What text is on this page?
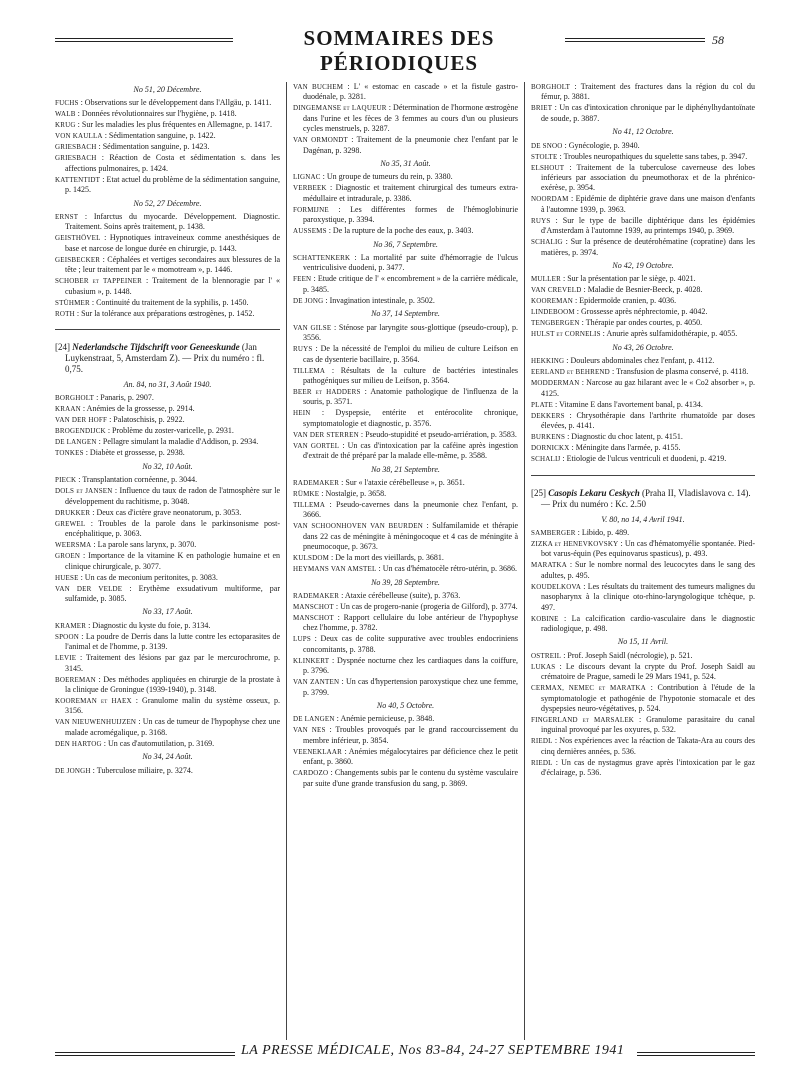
SOMMAIRES DES PÉRIODIQUES
58
No 51, 20 Décembre.
FUCHS : Observations sur le développement dans l'Allgäu, p. 1411.
WALB : Données révolutionnaires sur l'hygiène, p. 1418.
KRUG : Sur les maladies les plus fréquentes en Allemagne, p. 1417.
VON KAULLA : Sédimentation sanguine, p. 1422.
GRIESBACH : Sédimentation sanguine, p. 1423.
GRIESBACH : Réaction de Costa et sédimentation s. dans les affections pulmonaires, p. 1424.
KATTENTIDT : Etat actuel du problème de la sédimentation sanguine, p. 1425.
No 52, 27 Décembre.
ERNST : Infarctus du myocarde. Développement. Diagnostic. Traitement. Soins après traitement, p. 1438.
GEISTHÖVEL : Hypnotiques intraveineux comme anesthésiques de base et narcose de longue durée en chirurgie, p. 1443.
GEISBECKER : Céphalées et vertiges secondaires aux blessures de la tête ; leur traitement par le « momotream », p. 1446.
SCHOBER et TAPPEINER : Traitement de la blennoragie par l' « cubasium », p. 1448.
STÜHMER : Continuité du traitement de la syphilis, p. 1450.
ROTH : Sur la tolérance aux préparations œstrogènes, p. 1452.
[24] Nederlandsche Tijdschrift voor Geneeskunde (Jan Luykenstraat, 5, Amsterdam Z). — Prix du numéro : fl. 0,75.
An. 84, no 31, 3 Août 1940.
BORGHOLT : Panaris, p. 2907.
KRAAN : Anémies de la grossesse, p. 2914.
VAN DER HOFF : Palatoschisis, p. 2922.
BROGENDIJCK : Problème du zoster-varicelle, p. 2931.
DE LANGEN : Pellagre simulant la maladie d'Addison, p. 2934.
TONKES : Diabète et grossesse, p. 2938.
No 32, 10 Août.
PIECK : Transplantation cornéenne, p. 3044.
DOLS et JANSEN : Influence du taux de radon de l'atmosphère sur le développement du rachitisme, p. 3048.
DRUKKER : Deux cas d'ictère grave neonatorum, p. 3053.
GREWEL : Troubles de la parole dans le parkinsonisme post-encéphalitique, p. 3063.
WEERSMA : La parole sans larynx, p. 3070.
GROEN : Importance de la vitamine K en pathologie humaine et en clinique chirurgicale, p. 3077.
HUESE : Un cas de meconium peritonites, p. 3083.
VAN DER VELDE : Erythème exsudativum multiforme, par sulfamide, p. 3085.
No 33, 17 Août.
KRAMER : Diagnostic du kyste du foie, p. 3134.
SPOON : La poudre de Derris dans la lutte contre les ectoparasites de l'animal et de l'homme, p. 3139.
LEVIE : Traitement des lésions par gaz par le mercurochrome, p. 3145.
BOEREMAN : Des méthodes appliquées en chirurgie de la prostate à la clinique de Groningue (1939-1940), p. 3148.
KOOREMAN et HAEX : Granulome malin du système osseux, p. 3156.
VAN NIEUWENHUIJZEN : Un cas de tumeur de l'hypophyse chez une malade acromégalique, p. 3168.
DEN HARTOG : Un cas d'automutilation, p. 3169.
No 34, 24 Août.
DE JONGH : Tuberculose miliaire, p. 3274.
VAN BUCHEM : L' « estomac en cascade » et la fistule gastro-duodénale, p. 3281.
DINGEMANSE et LAQUEUR : Détermination de l'hormone œstrogène dans l'urine et les fèces de 3 femmes au cours d'un ou plusieurs cycles menstruels, p. 3287.
VAN ORMONDT : Traitement de la pneumonie chez l'enfant par le Dagénan, p. 3298.
No 35, 31 Août.
LIGNAC : Un groupe de tumeurs du rein, p. 3380.
VERBEEK : Diagnostic et traitement chirurgical des tumeurs extra-médullaire et intradurale, p. 3386.
FORMIJNE : Les différentes formes de l'hémoglobinurie paroxystique, p. 3394.
AUSSEMS : De la rupture de la poche des eaux, p. 3403.
No 36, 7 Septembre.
SCHATTENKERK : La mortalité par suite d'hémorragie de l'ulcus ventriculisive duodeni, p. 3477.
FEEN : Etude critique de l' « encombrement » de la carrière médicale, p. 3485.
DE JONG : Invagination intestinale, p. 3502.
No 37, 14 Septembre.
VAN GILSE : Sténose par laryngite sous-glottique (pseudo-croup), p. 3556.
RUYS : De la nécessité de l'emploi du milieu de culture Leifson en cas de dysenterie bacillaire, p. 3564.
TILLEMA : Résultats de la culture de bactéries intestinales pathogéniques sur milieu de Leifson, p. 3564.
BEER et HADDERS : Anatomie pathologique de l'influenza de la souris, p. 3571.
HEIN : Dyspepsie, entérite et entérocolite chronique, symptomatologie et diagnostic, p. 3576.
VAN DER STERREN : Pseudo-stupidité et pseudo-arriération, p. 3583.
VAN GORTEL : Un cas d'intoxication par la caféine après ingestion d'extrait de thé préparé par la malade elle-même, p. 3588.
No 38, 21 Septembre.
RADEMAKER : Sur « l'ataxie cérébelleuse », p. 3651.
RÜMKE : Nostalgie, p. 3658.
TILLEMA : Pseudo-cavernes dans la pneumonie chez l'enfant, p. 3666.
VAN SCHOONHOVEN VAN BEURDEN : Sulfamilamide et thérapie dans 22 cas de méningite à méningocoque et 4 cas de méningite à pneumocoque, p. 3673.
KULSDOM : De la mort des vieillards, p. 3681.
HEYMANS VAN AMSTEL : Un cas d'hématocèle rétro-utérin, p. 3686.
No 39, 28 Septembre.
RADEMAKER : Ataxie cérébelleuse (suite), p. 3763.
MANSCHOT : Un cas de progero-nanie (progeria de Gilford), p. 3774.
MANSCHOT : Rapport cellulaire du lobe antérieur de l'hypophyse chez l'homme, p. 3782.
LUPS : Deux cas de colite suppurative avec troubles endocriniens concomitants, p. 3788.
KLINKERT : Dyspnée nocturne chez les cardiaques dans la coiffure, p. 3796.
VAN ZANTEN : Un cas d'hypertension paroxystique chez une femme, p. 3799.
No 40, 5 Octobre.
DE LANGEN : Anémie pernicieuse, p. 3848.
VAN NES : Troubles provoqués par le grand raccourcissement du membre inférieur, p. 3854.
VEENEKLAAR : Anémies mégalocytaires par déficience chez le petit enfant, p. 3860.
CARDOZO : Changements subis par le contenu du système vasculaire par suite d'une grande transfusion du sang, p. 3869.
BORGHOLT : Traitement des fractures dans la région du col du fémur, p. 3881.
BRIET : Un cas d'intoxication chronique par le diphénylhydantoïnate de soude, p. 3887.
No 41, 12 Octobre.
DE SNOO : Gynécologie, p. 3940.
STOLTE : Troubles neuropathiques du squelette sans tabes, p. 3947.
ELSHOUT : Traitement de la tuberculose caverneuse des lobes inférieurs par association du pneumothorax et de la phrénico-exérèse, p. 3954.
NOORDAM : Epidémie de diphtérie grave dans une maison d'enfants à l'automne 1939, p. 3963.
RUYS : Sur le type de bacille diphtérique dans les épidémies d'Amsterdam à l'automne 1939, au printemps 1940, p. 3969.
SCHALIG : Sur la présence de deutérohématine (copratine) dans les matières, p. 3974.
No 42, 19 Octobre.
MULLER : Sur la présentation par le siège, p. 4021.
VAN CREVELD : Maladie de Besnier-Beeck, p. 4028.
KOOREMAN : Epidermoïde cranien, p. 4036.
LINDEBOOM : Grossesse après néphrectomie, p. 4042.
TENGBERGEN : Thérapie par ondes courtes, p. 4050.
HULST et CORNELIS : Anurie après sulfamidothérapie, p. 4055.
No 43, 26 Octobre.
HEKKING : Douleurs abdominales chez l'enfant, p. 4112.
EERLAND et BEHREND : Transfusion de plasma conservé, p. 4118.
MODDERMAN : Narcose au gaz hilarant avec le « Co2 absorber », p. 4125.
PLATE : Vitamine E dans l'avortement banal, p. 4134.
DEKKERS : Chrysothérapie dans l'arthrite rhumatoïde par doses élevées, p. 4141.
BURKENS : Diagnostic du choc latent, p. 4151.
DORNICKX : Méningite dans l'armée, p. 4155.
SCHALIJ : Etiologie de l'ulcus ventriculi et duodeni, p. 4219.
[25] Casopis Lekaru Ceskych (Praha II, Vladislavova c. 14). — Prix du numéro : Kc. 2.50
V. 80, no 14, 4 Avril 1941.
SAMBERGER : Libido, p. 489.
ZIZKA et HENEVKOVSKY : Un cas d'hématomyélie spontanée. Pied-bot varus-équin (Pes equinovarus spasticus), p. 493.
MARATKA : Sur le nombre normal des leucocytes dans le sang des adultes, p. 495.
KOUDELKOVA : Les résultats du traitement des tumeurs malignes du nasopharynx à la clinique oto-rhino-laryngologique tchèque, p. 497.
KOBINE : La calcification cardio-vasculaire dans le diagnostic radiologique, p. 498.
No 15, 11 Avril.
OSTREIL : Prof. Joseph Saidl (nécrologie), p. 521.
LUKAS : Le discours devant la crypte du Prof. Joseph Saidl au crématoire de Prague, samedi le 29 Mars 1941, p. 524.
CERMAX, NEMEC et MARATKA : Contribution à l'étude de la symptomatologie et pathogénie de l'hypotonie stomacale et des dyspepsies neuro-végétatives, p. 524.
FINGERLAND et MARSALEK : Granulome parasitaire du canal inguinal provoqué par les oxyures, p. 532.
RIEDL : Nos expériences avec la réaction de Takata-Ara au cours des cinq dernières années, p. 536.
RIEDL : Un cas de nystagmus grave après l'intoxication par le gaz d'éclairage, p. 536.
LA PRESSE MÉDICALE, Nos 83-84, 24-27 SEPTEMBRE 1941
